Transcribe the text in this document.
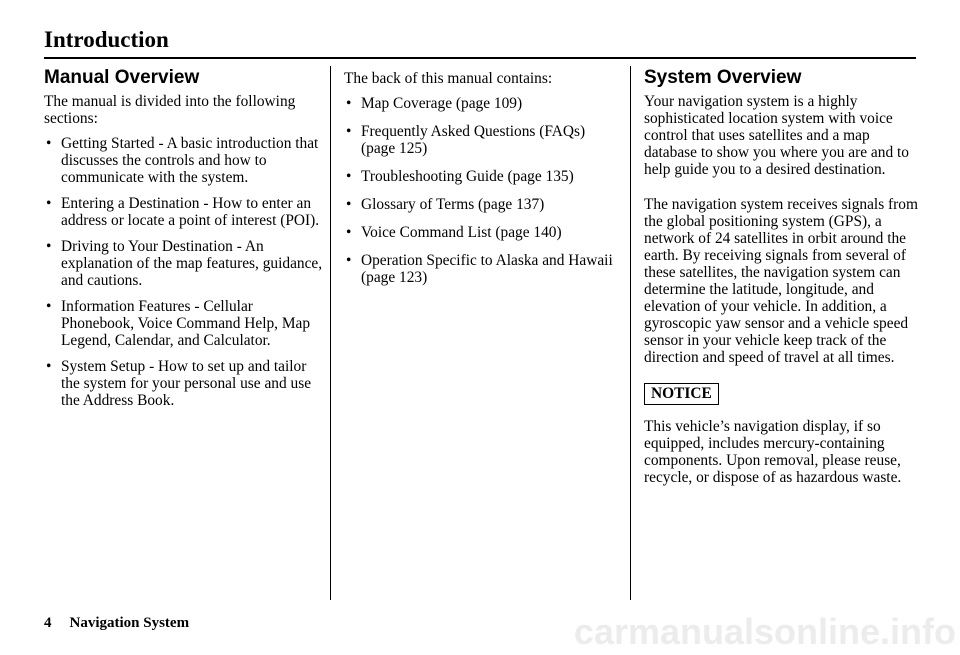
Introduction
Manual Overview

The manual is divided into the following sections:

• Getting Started - A basic introduction that discusses the controls and how to communicate with the system.
• Entering a Destination - How to enter an address or locate a point of interest (POI).
• Driving to Your Destination - An explanation of the map features, guidance, and cautions.
• Information Features - Cellular Phonebook, Voice Command Help, Map Legend, Calendar, and Calculator.
• System Setup - How to set up and tailor the system for your personal use and use the Address Book.

The back of this manual contains:

• Map Coverage (page 109)
• Frequently Asked Questions (FAQs) (page 125)
• Troubleshooting Guide (page 135)
• Glossary of Terms (page 137)
• Voice Command List (page 140)
• Operation Specific to Alaska and Hawaii (page 123)
System Overview

Your navigation system is a highly sophisticated location system with voice control that uses satellites and a map database to show you where you are and to help guide you to a desired destination.

The navigation system receives signals from the global positioning system (GPS), a network of 24 satellites in orbit around the earth. By receiving signals from several of these satellites, the navigation system can determine the latitude, longitude, and elevation of your vehicle. In addition, a gyroscopic yaw sensor and a vehicle speed sensor in your vehicle keep track of the direction and speed of travel at all times.

NOTICE

This vehicle’s navigation display, if so equipped, includes mercury-containing components. Upon removal, please reuse, recycle, or dispose of as hazardous waste.

4 Navigation System	carmanualsonline.info
